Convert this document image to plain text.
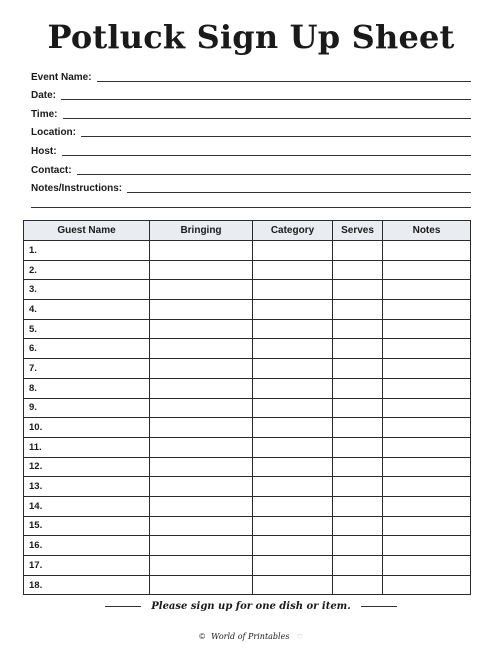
Potluck Sign Up Sheet
Event Name:
Date:
Time:
Location:
Host:
Contact:
Notes/Instructions:
Guest Name	Bringing	Category	Serves	Notes
1.				
2.				
3.				
4.				
5.				
6.				
7.				
8.				
9.				
10.				
11.				
12.				
13.				
14.				
15.				
16.				
17.				
18.				
Please sign up for one dish or item.
© World of Printables ♡
